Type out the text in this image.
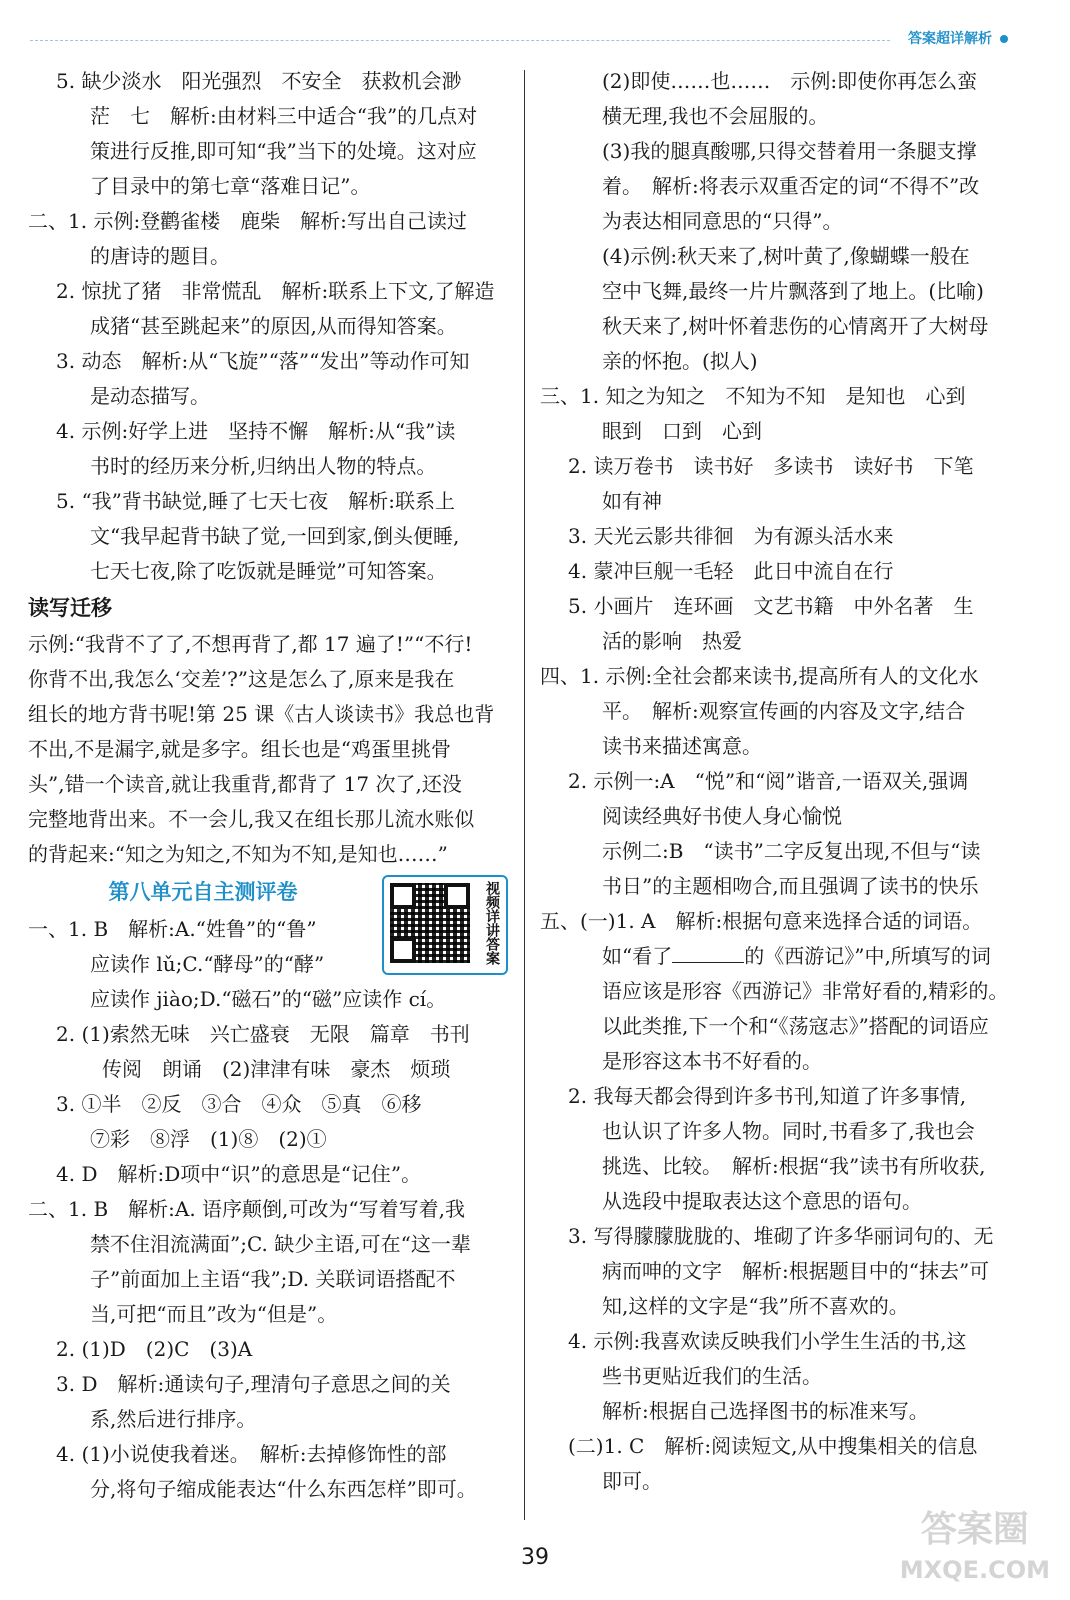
答案超详解析
5. 缺少淡水　阳光强烈　不安全　获救机会渺
茫　七　解析:由材料三中适合“我”的几点对
策进行反推,即可知“我”当下的处境。这对应
了目录中的第七章“落难日记”。
二、1. 示例:登鹳雀楼　鹿柴　解析:写出自己读过
的唐诗的题目。
2. 惊扰了猪　非常慌乱　解析:联系上下文,了解造
成猪“甚至跳起来”的原因,从而得知答案。
3. 动态　解析:从“飞旋”“落”“发出”等动作可知
是动态描写。
4. 示例:好学上进　坚持不懈　解析:从“我”读
书时的经历来分析,归纳出人物的特点。
5. “我”背书缺觉,睡了七天七夜　解析:联系上
文“我早起背书缺了觉,一回到家,倒头便睡,
七天七夜,除了吃饭就是睡觉”可知答案。
读写迁移
示例:“我背不了了,不想再背了,都 17 遍了!”“不行!
你背不出,我怎么‘交差’?”这是怎么了,原来是我在
组长的地方背书呢!第 25 课《古人谈读书》我总也背
不出,不是漏字,就是多字。组长也是“鸡蛋里挑骨
头”,错一个读音,就让我重背,都背了 17 次了,还没
完整地背出来。不一会儿,我又在组长那儿流水账似
的背起来:“知之为知之,不知为不知,是知也……”
第八单元自主测评卷
一、1. B　解析:A.“姓鲁”的“鲁”
应读作 lǔ;C.“酵母”的“酵”
应读作 jiào;D.“磁石”的“磁”应读作 cí。
2. (1)索然无味　兴亡盛衰　无限　篇章　书刊
传阅　朗诵　(2)津津有味　豪杰　烦琐
3. ①半　②反　③合　④众　⑤真　⑥移
⑦彩　⑧浮　(1)⑧　(2)①
4. D　解析:D项中“识”的意思是“记住”。
二、1. B　解析:A. 语序颠倒,可改为“写着写着,我
禁不住泪流满面”;C. 缺少主语,可在“这一辈
子”前面加上主语“我”;D. 关联词语搭配不
当,可把“而且”改为“但是”。
2. (1)D　(2)C　(3)A
3. D　解析:通读句子,理清句子意思之间的关
系,然后进行排序。
4. (1)小说使我着迷。　解析:去掉修饰性的部
分,将句子缩成能表达“什么东西怎样”即可。
视频详讲答案
(2)即使……也……　示例:即使你再怎么蛮
横无理,我也不会屈服的。
(3)我的腿真酸哪,只得交替着用一条腿支撑
着。　解析:将表示双重否定的词“不得不”改
为表达相同意思的“只得”。
(4)示例:秋天来了,树叶黄了,像蝴蝶一般在
空中飞舞,最终一片片飘落到了地上。(比喻)
秋天来了,树叶怀着悲伤的心情离开了大树母
亲的怀抱。(拟人)
三、1. 知之为知之　不知为不知　是知也　心到
眼到　口到　心到
2. 读万卷书　读书好　多读书　读好书　下笔
如有神
3. 天光云影共徘徊　为有源头活水来
4. 蒙冲巨舰一毛轻　此日中流自在行
5. 小画片　连环画　文艺书籍　中外名著　生
活的影响　热爱
四、1. 示例:全社会都来读书,提高所有人的文化水
平。　解析:观察宣传画的内容及文字,结合
读书来描述寓意。
2. 示例一:A　“悦”和“阅”谐音,一语双关,强调
阅读经典好书使人身心愉悦
示例二:B　“读书”二字反复出现,不但与“读
书日”的主题相吻合,而且强调了读书的快乐
五、(一)1. A　解析:根据句意来选择合适的词语。
如“看了	的《西游记》”中,所填写的词
语应该是形容《西游记》非常好看的,精彩的。
以此类推,下一个和“《荡寇志》”搭配的词语应
是形容这本书不好看的。
2. 我每天都会得到许多书刊,知道了许多事情,
也认识了许多人物。同时,书看多了,我也会
挑选、比较。　解析:根据“我”读书有所收获,
从选段中提取表达这个意思的语句。
3. 写得朦朦胧胧的、堆砌了许多华丽词句的、无
病而呻的文字　解析:根据题目中的“抹去”可
知,这样的文字是“我”所不喜欢的。
4. 示例:我喜欢读反映我们小学生生活的书,这
些书更贴近我们的生活。
解析:根据自己选择图书的标准来写。
(二)1. C　解析:阅读短文,从中搜集相关的信息
即可。
39
答案圈
MXQE.COM
